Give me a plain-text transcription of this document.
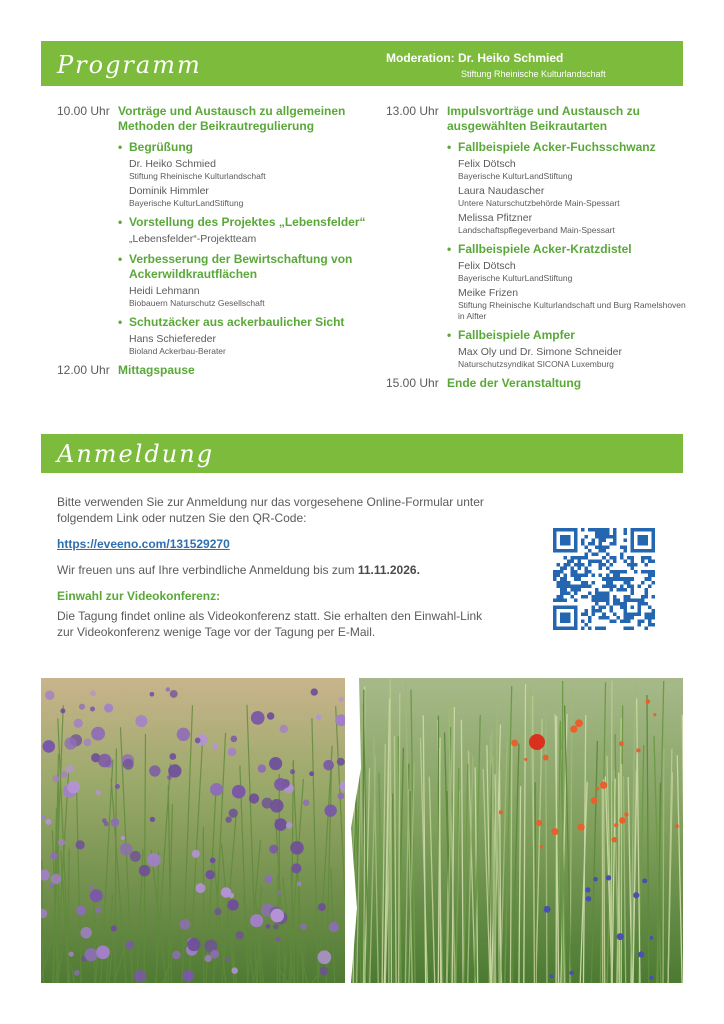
Programm	Moderation: Dr. Heiko Schmied
Stiftung Rheinische Kulturlandschaft
10.00 Uhr Vorträge und Austausch zu allgemeinen Methoden der Beikrautregulierung
• Begrüßung
Dr. Heiko Schmied
Stiftung Rheinische Kulturlandschaft
Dominik Himmler
Bayerische KulturLandStiftung
• Vorstellung des Projektes „Lebensfelder“
„Lebensfelder“-Projektteam
• Verbesserung der Bewirtschaftung von Ackerwildkrautflächen
Heidi Lehmann
Biobauern Naturschutz Gesellschaft
• Schutzäcker aus ackerbaulicher Sicht
Hans Schiefereder
Bioland Ackerbau-Berater
12.00 Uhr Mittagspause
13.00 Uhr Impulsvorträge und Austausch zu ausgewählten Beikrautarten
• Fallbeispiele Acker-Fuchsschwanz
Felix Dötsch
Bayerische KulturLandStiftung
Laura Naudascher
Untere Naturschutzbehörde Main-Spessart
Melissa Pfitzner
Landschaftspflegeverband Main-Spessart
• Fallbeispiele Acker-Kratzdistel
Felix Dötsch
Bayerische KulturLandStiftung
Meike Frizen
Stiftung Rheinische Kulturlandschaft und Burg Ramelshoven in Alfter
• Fallbeispiele Ampfer
Max Oly und Dr. Simone Schneider
Naturschutzsyndikat SICONA Luxemburg
15.00 Uhr Ende der Veranstaltung
Anmeldung

Bitte verwenden Sie zur Anmeldung nur das vorgesehene Online-Formular unter folgendem Link oder nutzen Sie den QR-Code:

https://eveeno.com/131529270

Wir freuen uns auf Ihre verbindliche Anmeldung bis zum 11.11.2026.

Einwahl zur Videokonferenz:

Die Tagung findet online als Videokonferenz statt. Sie erhalten den Einwahl-Link zur Videokonferenz wenige Tage vor der Tagung per E-Mail.
